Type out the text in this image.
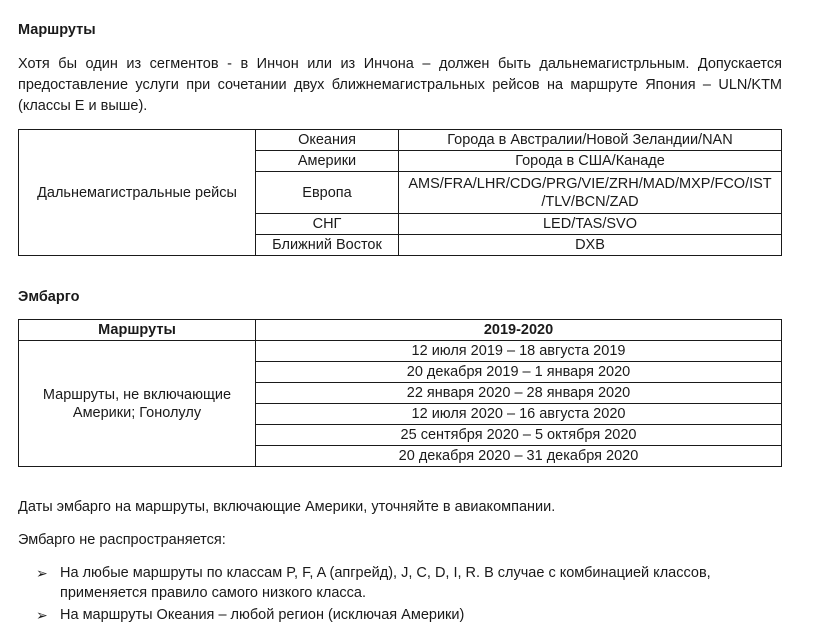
Маршруты
Хотя бы один из сегментов - в Инчон или из Инчона – должен быть дальнемагистрльным. Допускается предоставление услуги при сочетании двух ближнемагистральных рейсов на маршруте Япония – ULN/KTM (классы E и выше).
Дальнемагистральные рейсы	Океания	Города в Австралии/Новой Зеландии/NAN
	Америки	Города в США/Канаде
	Европа	AMS/FRA/LHR/CDG/PRG/VIE/ZRH/MAD/MXP/FCO/IST /TLV/BCN/ZAD
	СНГ	LED/TAS/SVO
	Ближний Восток	DXB
Эмбарго
Маршруты	2019-2020
Маршруты, не включающие Америки; Гонолулу	12 июля 2019 – 18 августа 2019
	20 декабря 2019 – 1 января 2020
	22 января 2020 – 28 января 2020
	12 июля 2020 – 16 августа 2020
	25 сентября 2020 – 5 октября 2020
	20 декабря 2020 – 31 декабря 2020
Даты эмбарго на маршруты, включающие Америки, уточняйте в авиакомпании.
Эмбарго не распространяется:
➢ На любые маршруты по классам P, F, A (апгрейд), J, C, D, I, R. В случае с комбинацией классов, применяется правило самого низкого класса.
➢ На маршруты Океания – любой регион (исключая Америки)
